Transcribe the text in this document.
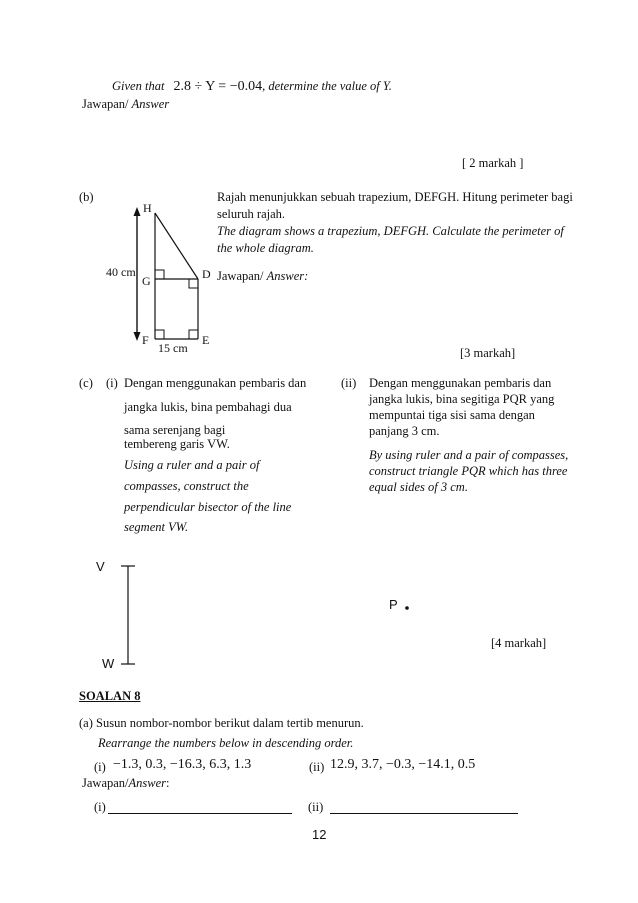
Given that 2.8 ÷ Y = −0.04, determine the value of Y.
Jawapan/ Answer
[ 2 markah ]
(b)
H
G	D
F	E
40 cm
15 cm
Rajah menunjukkan sebuah trapezium, DEFGH. Hitung perimeter bagi
seluruh rajah.
The diagram shows a trapezium, DEFGH. Calculate the perimeter of
the whole diagram.
Jawapan/ Answer:
[3 markah]
(c) (i) Dengan menggunakan pembaris dan
jangka lukis, bina pembahagi dua
sama serenjang bagi
tembereng garis VW.
Using a ruler and a pair of
compasses, construct the
perpendicular bisector of the line
segment VW.
(ii) Dengan menggunakan pembaris dan
jangka lukis, bina segitiga PQR yang
mempuntai tiga sisi sama dengan
panjang 3 cm.
By using ruler and a pair of compasses,
construct triangle PQR which has three
equal sides of 3 cm.
V
W
P
[4 markah]
SOALAN 8
(a) Susun nombor-nombor berikut dalam tertib menurun.
Rearrange the numbers below in descending order.
(i) −1.3, 0.3, −16.3, 6.3, 1.3	(ii) 12.9, 3.7, −0.3, −14.1, 0.5
Jawapan/Answer:
(i)	(ii)
12
